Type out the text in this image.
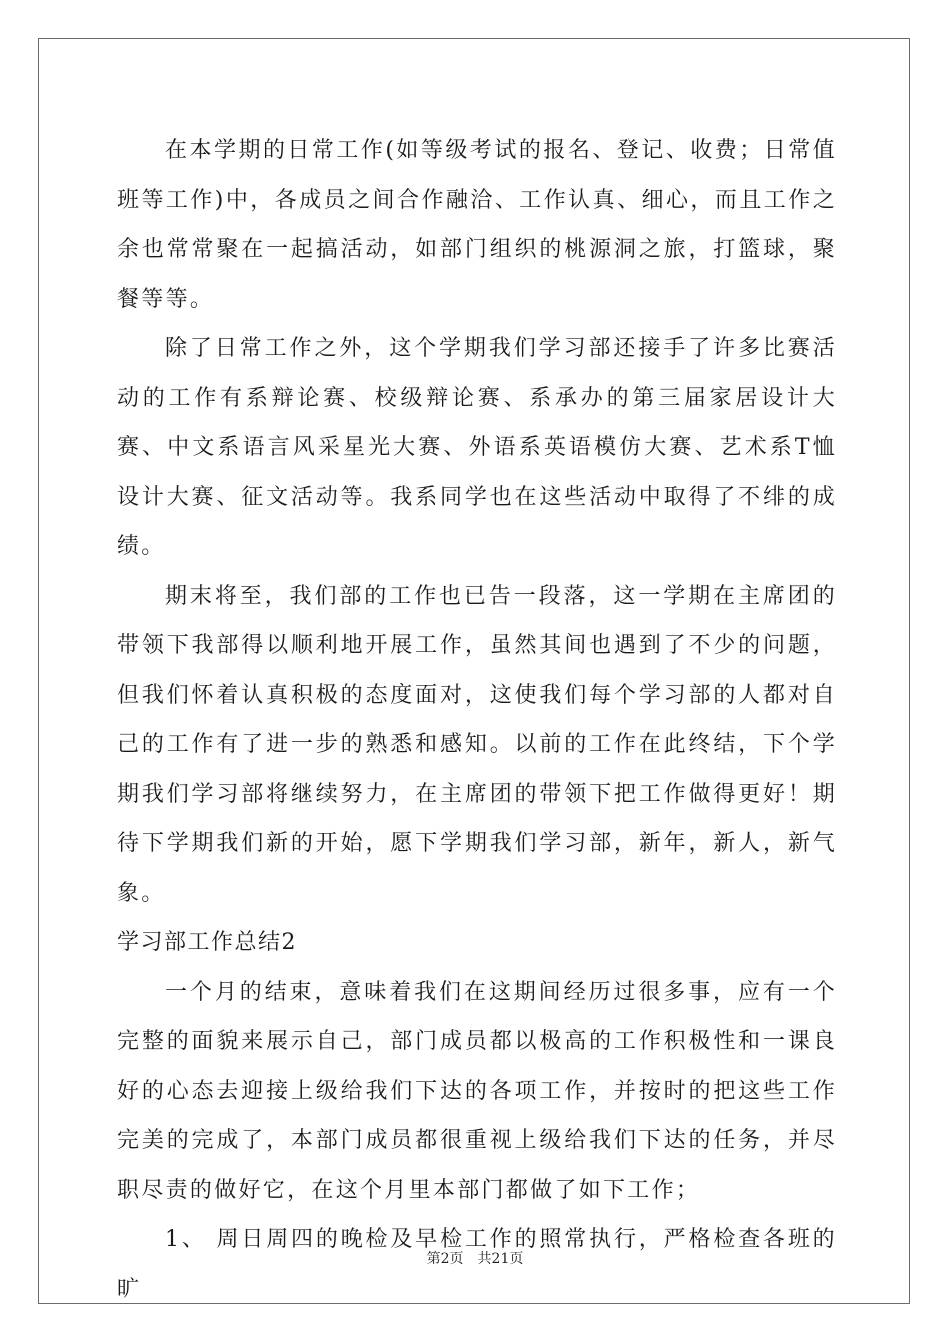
在本学期的日常工作(如等级考试的报名、登记、收费；日常值班等工作)中，各成员之间合作融洽、工作认真、细心，而且工作之余也常常聚在一起搞活动，如部门组织的桃源洞之旅，打篮球，聚餐等等。

除了日常工作之外，这个学期我们学习部还接手了许多比赛活动的工作有系辩论赛、校级辩论赛、系承办的第三届家居设计大赛、中文系语言风采星光大赛、外语系英语模仿大赛、艺术系T恤设计大赛、征文活动等。我系同学也在这些活动中取得了不绯的成绩。

期末将至，我们部的工作也已告一段落，这一学期在主席团的带领下我部得以顺利地开展工作，虽然其间也遇到了不少的问题，但我们怀着认真积极的态度面对，这使我们每个学习部的人都对自己的工作有了进一步的熟悉和感知。以前的工作在此终结，下个学期我们学习部将继续努力，在主席团的带领下把工作做得更好！期待下学期我们新的开始，愿下学期我们学习部，新年，新人，新气象。

学习部工作总结2

一个月的结束，意味着我们在这期间经历过很多事，应有一个完整的面貌来展示自己，部门成员都以极高的工作积极性和一课良好的心态去迎接上级给我们下达的各项工作，并按时的把这些工作完美的完成了，本部门成员都很重视上级给我们下达的任务，并尽职尽责的做好它，在这个月里本部门都做了如下工作；

1、 周日周四的晚检及早检工作的照常执行，严格检查各班的旷

第2页 共21页
